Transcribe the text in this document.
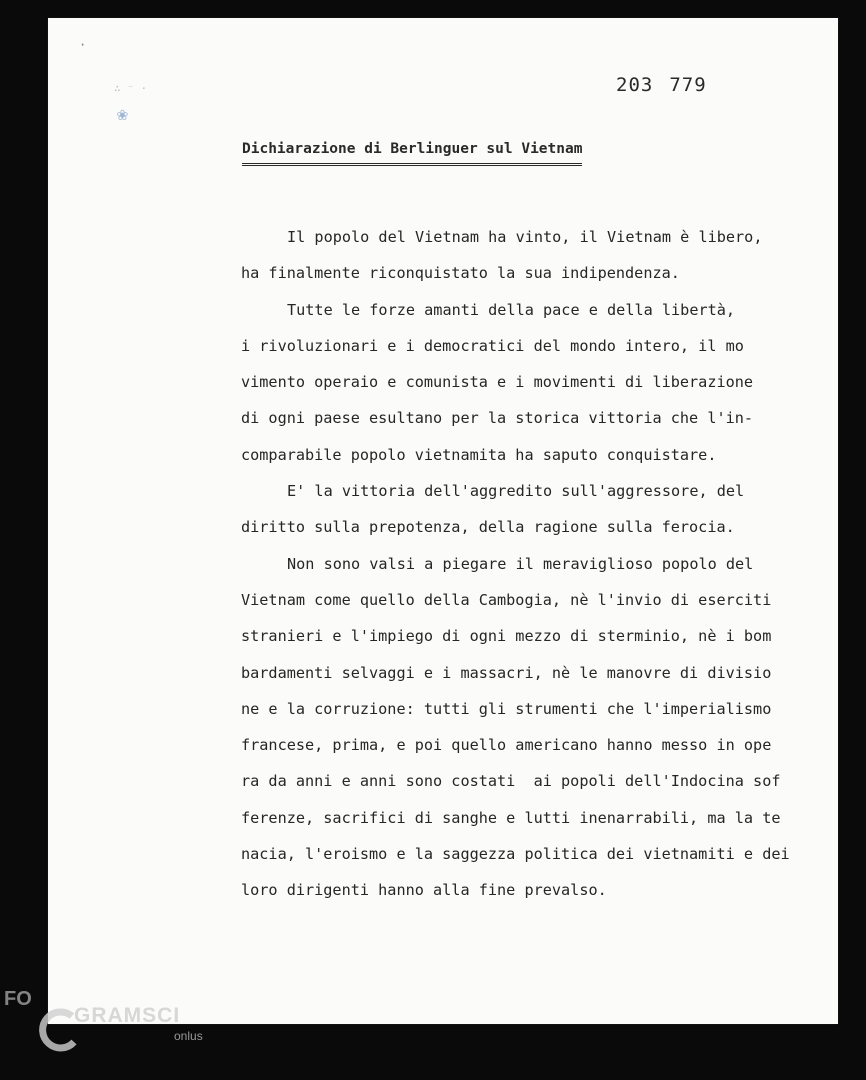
·
∴ ⁻ ·
❀
203 779
Dichiarazione di Berlinguer sul Vietnam
Il popolo del Vietnam ha vinto, il Vietnam è libero,
ha finalmente riconquistato la sua indipendenza.
Tutte le forze amanti della pace e della libertà,
i rivoluzionari e i democratici del mondo intero, il mo
vimento operaio e comunista e i movimenti di liberazione
di ogni paese esultano per la storica vittoria che l'in-
comparabile popolo vietnamita ha saputo conquistare.
E' la vittoria dell'aggredito sull'aggressore, del
diritto sulla prepotenza, della ragione sulla ferocia.
Non sono valsi a piegare il meraviglioso popolo del
Vietnam come quello della Cambogia, nè l'invio di eserciti
stranieri e l'impiego di ogni mezzo di sterminio, nè i bom
bardamenti selvaggi e i massacri, nè le manovre di divisio
ne e la corruzione: tutti gli strumenti che l'imperialismo
francese, prima, e poi quello americano hanno messo in ope
ra da anni e anni sono costati  ai popoli dell'Indocina sof
ferenze, sacrifici di sanghe e lutti inenarrabili, ma la te
nacia, l'eroismo e la saggezza politica dei vietnamiti e dei
loro dirigenti hanno alla fine prevalso.
FO
GRAMSCI
onlus
